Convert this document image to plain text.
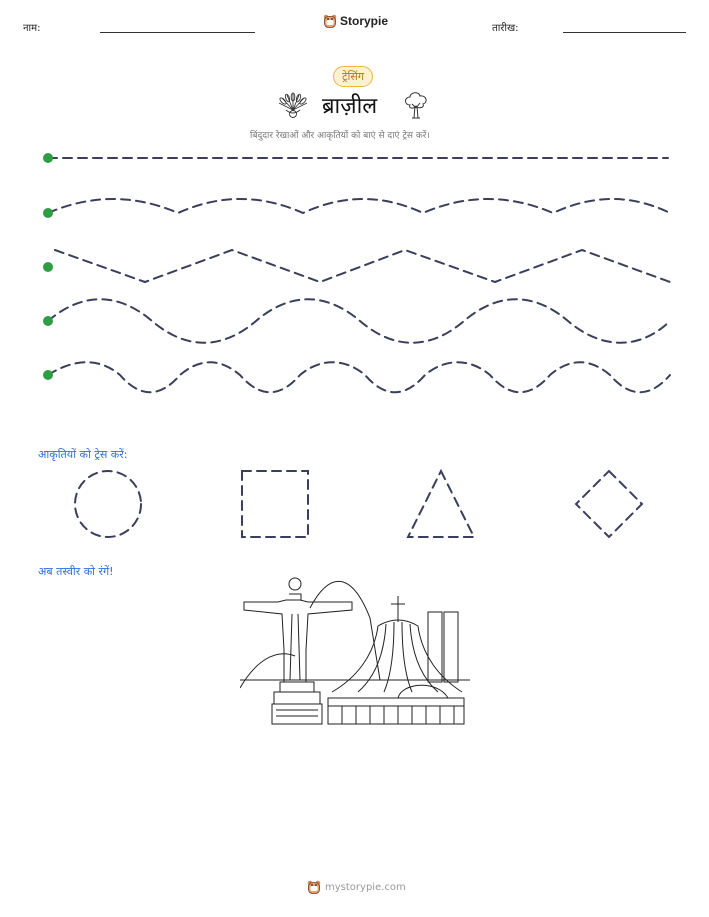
नाम:
Storypie
तारीख:
ट्रेसिंग
ब्राज़ील
बिंदुदार रेखाओं और आकृतियों को बाएं से दाएं ट्रेस करें।
आकृतियों को ट्रेस करें:
अब तस्वीर को रंगें!
mystorypie.com
